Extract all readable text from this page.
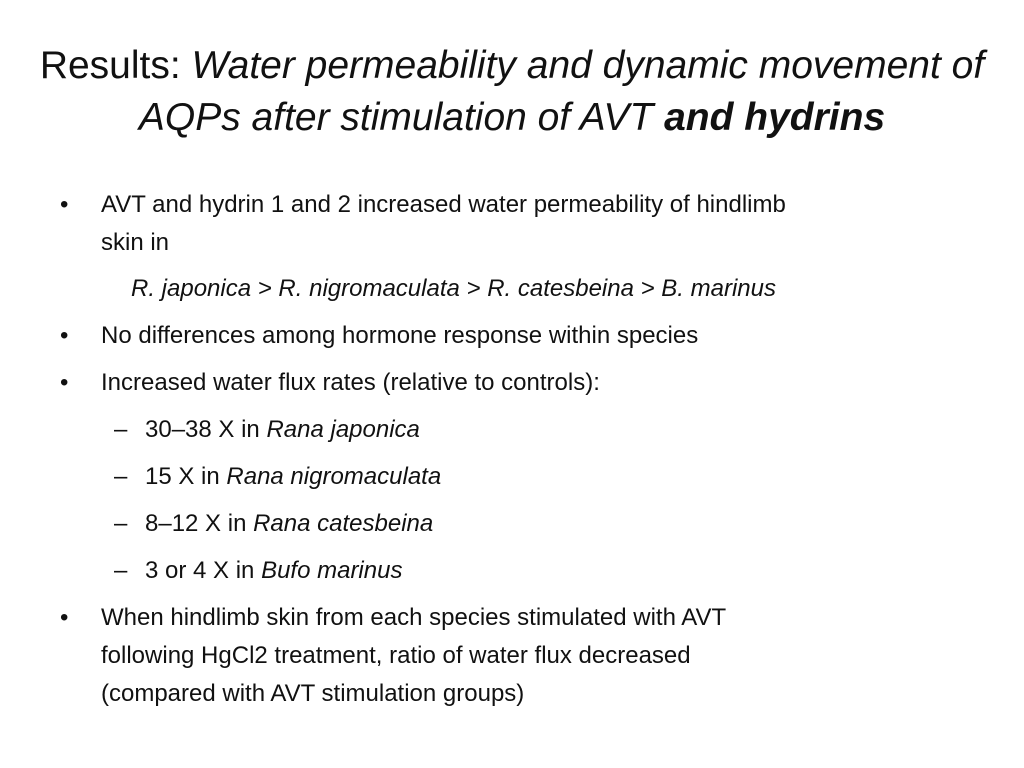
Results: Water permeability and dynamic movement of AQPs after stimulation of AVT and hydrins
•	AVT and hydrin 1 and 2 increased water permeability of hindlimb
skin in
R. japonica > R. nigromaculata > R. catesbeina > B. marinus
•	No differences among hormone response within species
•	Increased water flux rates (relative to controls):
– 30–38 X in Rana japonica
– 15 X in Rana nigromaculata
– 8–12 X in Rana catesbeina
– 3 or 4 X in Bufo marinus
•	When hindlimb skin from each species stimulated with AVT
following HgCl2 treatment, ratio of water flux decreased
(compared with AVT stimulation groups)
